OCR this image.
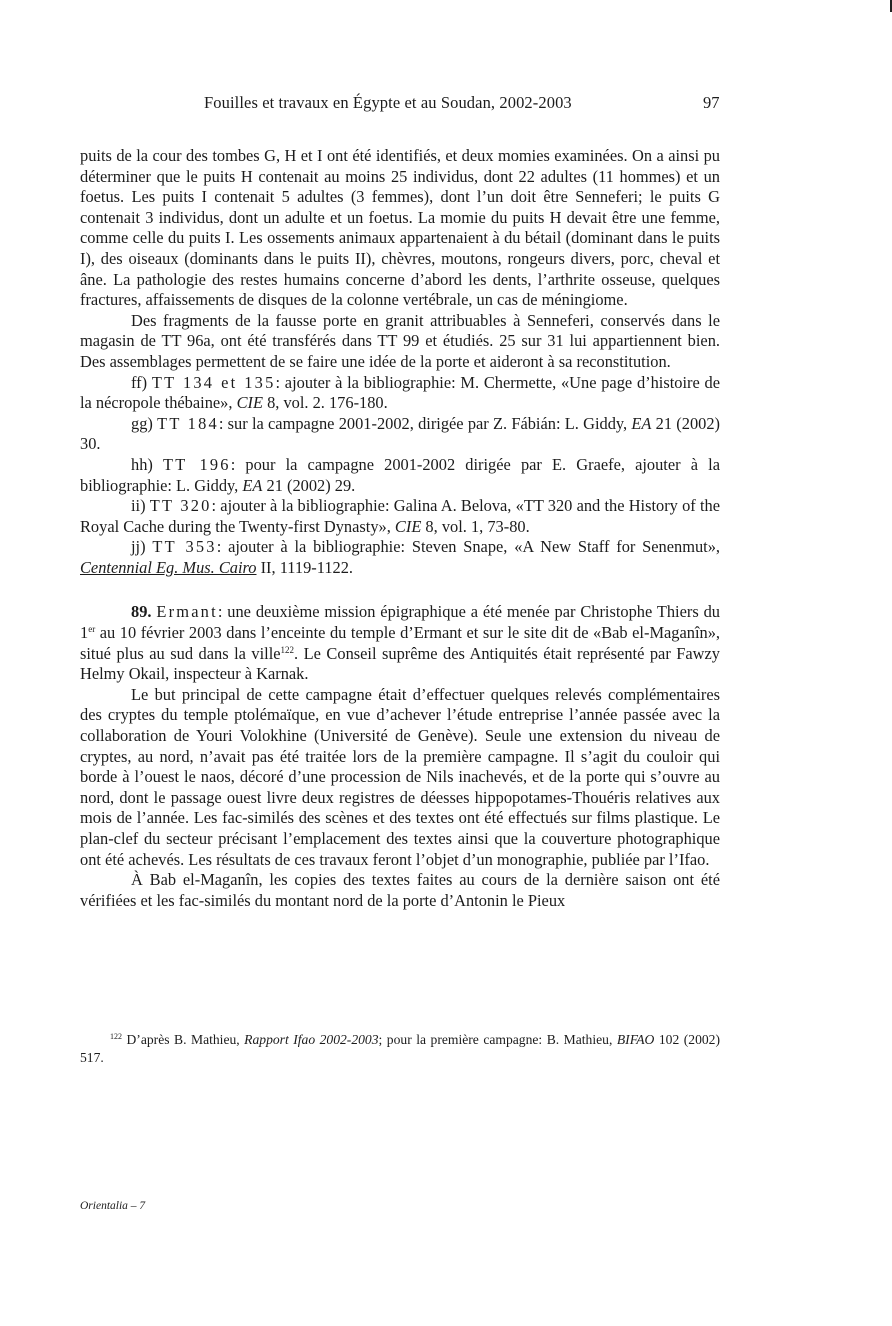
Fouilles et travaux en Égypte et au Soudan, 2002-2003	97

puits de la cour des tombes G, H et I ont été identifiés, et deux momies examinées. On a ainsi pu déterminer que le puits H contenait au moins 25 individus, dont 22 adultes (11 hommes) et un foetus. Les puits I contenait 5 adultes (3 femmes), dont l’un doit être Senneferi; le puits G contenait 3 individus, dont un adulte et un foetus. La momie du puits H devait être une femme, comme celle du puits I. Les ossements animaux appartenaient à du bétail (dominant dans le puits I), des oiseaux (dominants dans le puits II), chèvres, moutons, rongeurs divers, porc, cheval et âne. La pathologie des restes humains concerne d’abord les dents, l’arthrite osseuse, quelques fractures, affaissements de disques de la colonne vertébrale, un cas de méningiome.

Des fragments de la fausse porte en granit attribuables à Senneferi, conservés dans le magasin de TT 96a, ont été transférés dans TT 99 et étudiés. 25 sur 31 lui appartiennent bien. Des assemblages permettent de se faire une idée de la porte et aideront à sa reconstitution.

ff) TT 134 et 135: ajouter à la bibliographie: M. Chermette, «Une page d’histoire de la nécropole thébaine», CIE 8, vol. 2. 176-180.

gg) TT 184: sur la campagne 2001-2002, dirigée par Z. Fábián: L. Giddy, EA 21 (2002) 30.

hh) TT 196: pour la campagne 2001-2002 dirigée par E. Graefe, ajouter à la bibliographie: L. Giddy, EA 21 (2002) 29.

ii) TT 320: ajouter à la bibliographie: Galina A. Belova, «TT 320 and the History of the Royal Cache during the Twenty-first Dynasty», CIE 8, vol. 1, 73-80.

jj) TT 353: ajouter à la bibliographie: Steven Snape, «A New Staff for Senenmut», Centennial Eg. Mus. Cairo II, 1119-1122.

89. Ermant: une deuxième mission épigraphique a été menée par Christophe Thiers du 1er au 10 février 2003 dans l’enceinte du temple d’Ermant et sur le site dit de «Bab el-Maganîn», situé plus au sud dans la ville$^{122}$. Le Conseil suprême des Antiquités était représenté par Fawzy Helmy Okail, inspecteur à Karnak.

Le but principal de cette campagne était d’effectuer quelques relevés complémentaires des cryptes du temple ptolémaïque, en vue d’achever l’étude entreprise l’année passée avec la collaboration de Youri Volokhine (Université de Genève). Seule une extension du niveau de cryptes, au nord, n’avait pas été traitée lors de la première campagne. Il s’agit du couloir qui borde à l’ouest le naos, décoré d’une procession de Nils inachevés, et de la porte qui s’ouvre au nord, dont le passage ouest livre deux registres de déesses hippopotames-Thouéris relatives aux mois de l’année. Les fac-similés des scènes et des textes ont été effectués sur films plastique. Le plan-clef du secteur précisant l’emplacement des textes ainsi que la couverture photographique ont été achevés. Les résultats de ces travaux feront l’objet d’un monographie, publiée par l’Ifao.

À Bab el-Maganîn, les copies des textes faites au cours de la dernière saison ont été vérifiées et les fac-similés du montant nord de la porte d’Antonin le Pieux

$^{122}$ D’après B. Mathieu, Rapport Ifao 2002-2003; pour la première campagne: B. Mathieu, BIFAO 102 (2002) 517.
Orientalia – 7
